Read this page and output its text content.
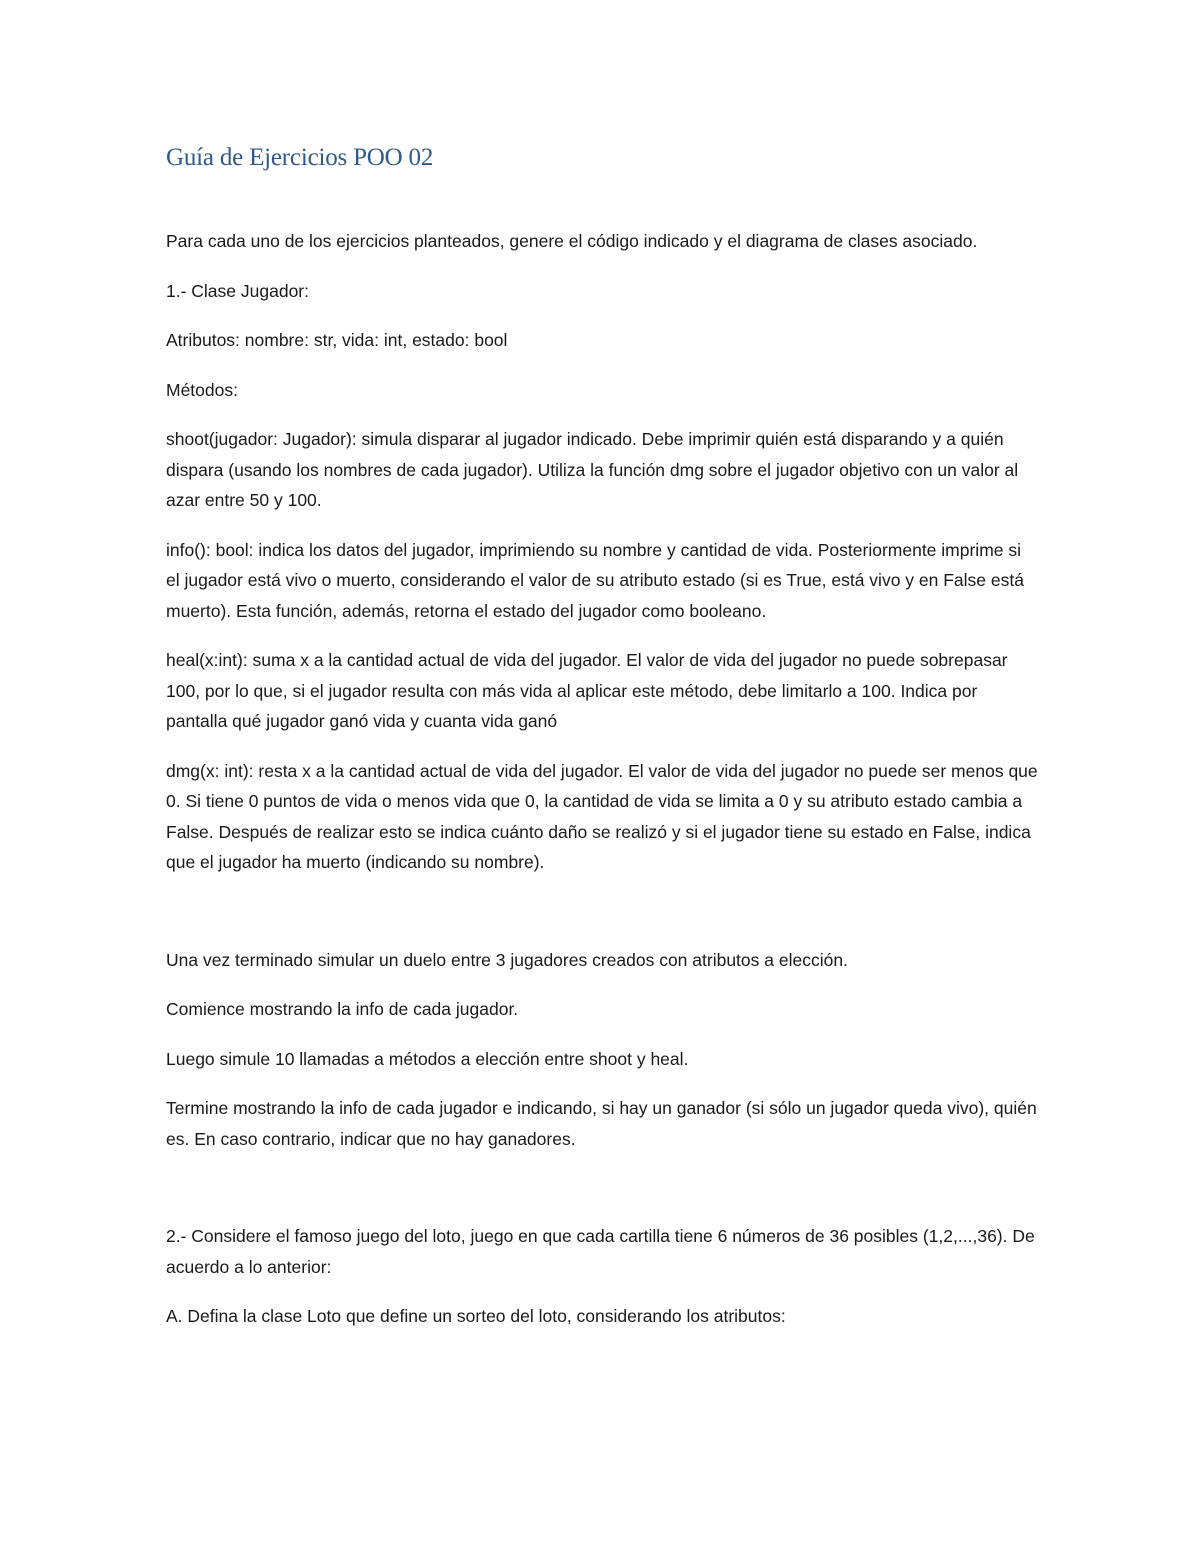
Guía de Ejercicios POO 02

Para cada uno de los ejercicios planteados, genere el código indicado y el diagrama de clases asociado.

1.- Clase Jugador:

Atributos: nombre: str, vida: int, estado: bool

Métodos:

shoot(jugador: Jugador): simula disparar al jugador indicado. Debe imprimir quién está disparando y a quién dispara (usando los nombres de cada jugador). Utiliza la función dmg sobre el jugador objetivo con un valor al azar entre 50 y 100.

info(): bool: indica los datos del jugador, imprimiendo su nombre y cantidad de vida. Posteriormente imprime si el jugador está vivo o muerto, considerando el valor de su atributo estado (si es True, está vivo y en False está muerto). Esta función, además, retorna el estado del jugador como booleano.

heal(x:int): suma x a la cantidad actual de vida del jugador. El valor de vida del jugador no puede sobrepasar 100, por lo que, si el jugador resulta con más vida al aplicar este método, debe limitarlo a 100. Indica por pantalla qué jugador ganó vida y cuanta vida ganó

dmg(x: int): resta x a la cantidad actual de vida del jugador. El valor de vida del jugador no puede ser menos que 0. Si tiene 0 puntos de vida o menos vida que 0, la cantidad de vida se limita a 0 y su atributo estado cambia a False. Después de realizar esto se indica cuánto daño se realizó y si el jugador tiene su estado en False, indica que el jugador ha muerto (indicando su nombre).

Una vez terminado simular un duelo entre 3 jugadores creados con atributos a elección.

Comience mostrando la info de cada jugador.

Luego simule 10 llamadas a métodos a elección entre shoot y heal.

Termine mostrando la info de cada jugador e indicando, si hay un ganador (si sólo un jugador queda vivo), quién es. En caso contrario, indicar que no hay ganadores.

2.- Considere el famoso juego del loto, juego en que cada cartilla tiene 6 números de 36 posibles (1,2,...,36). De acuerdo a lo anterior:

A. Defina la clase Loto que define un sorteo del loto, considerando los atributos:
